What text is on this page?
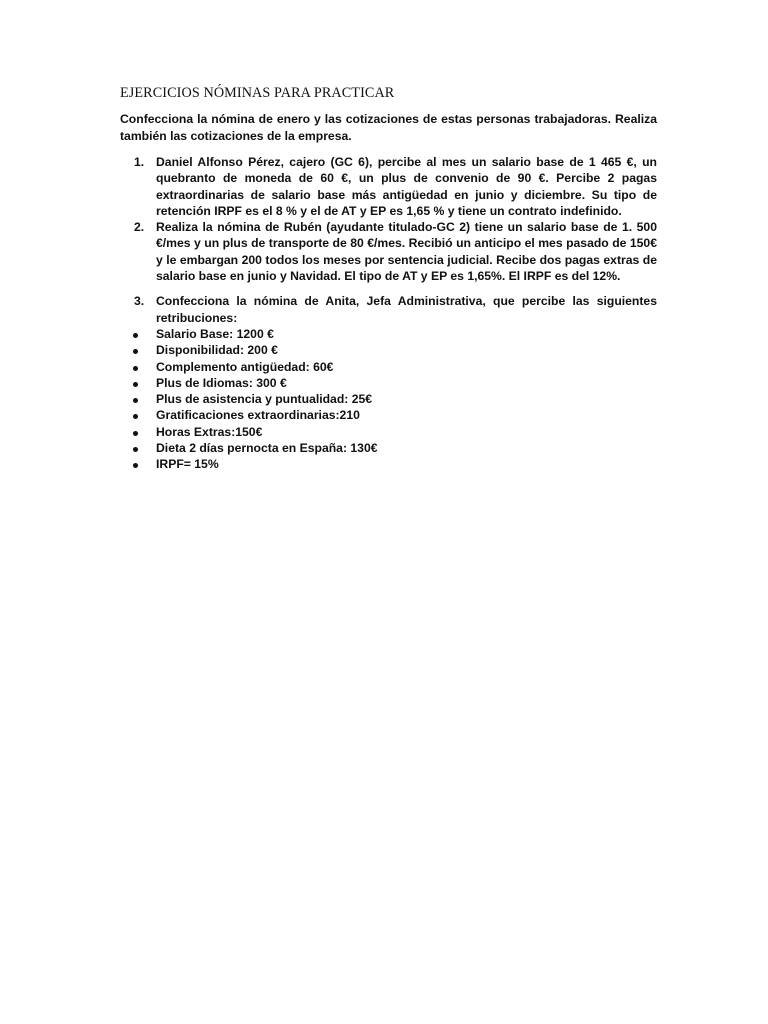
EJERCICIOS NÓMINAS PARA PRACTICAR

Confecciona la nómina de enero y las cotizaciones de estas personas trabajadoras. Realiza también las cotizaciones de la empresa.

1. Daniel Alfonso Pérez, cajero (GC 6), percibe al mes un salario base de 1 465 €, un quebranto de moneda de 60 €, un plus de convenio de 90 €. Percibe 2 pagas extraordinarias de salario base más antigüedad en junio y diciembre. Su tipo de retención IRPF es el 8 % y el de AT y EP es 1,65 % y tiene un contrato indefinido.
2. Realiza la nómina de Rubén (ayudante titulado-GC 2) tiene un salario base de 1. 500 €/mes y un plus de transporte de 80 €/mes. Recibió un anticipo el mes pasado de 150€ y le embargan 200 todos los meses por sentencia judicial. Recibe dos pagas extras de salario base en junio y Navidad. El tipo de AT y EP es 1,65%. El IRPF es del 12%.
3. Confecciona la nómina de Anita, Jefa Administrativa, que percibe las siguientes retribuciones:
Salario Base: 1200 €
Disponibilidad: 200 €
Complemento antigüedad: 60€
Plus de Idiomas: 300 €
Plus de asistencia y puntualidad: 25€
Gratificaciones extraordinarias:210
Horas Extras:150€
Dieta 2 días pernocta en España: 130€
IRPF= 15%
